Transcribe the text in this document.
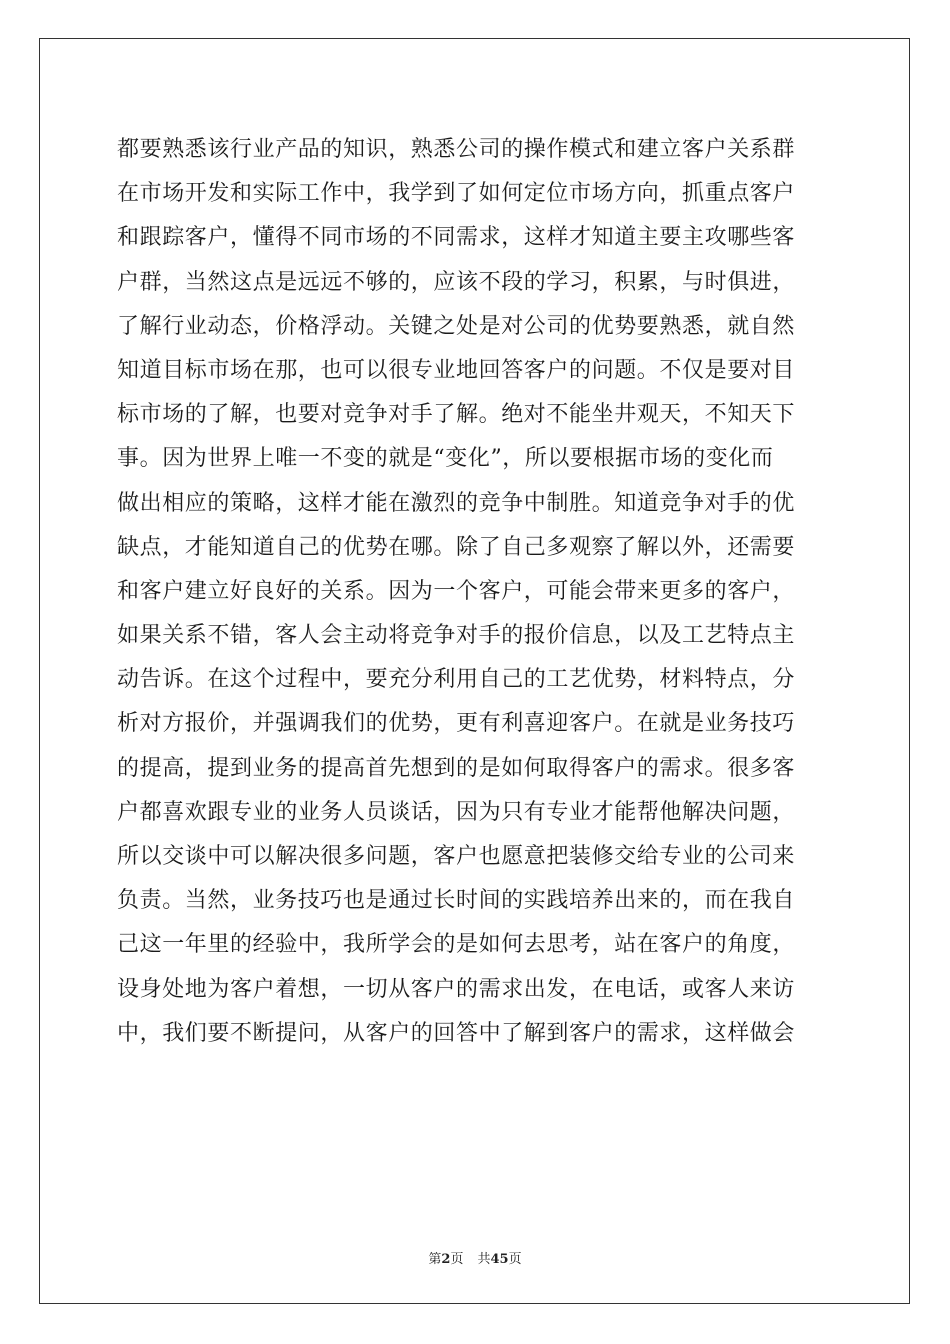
都要熟悉该行业产品的知识，熟悉公司的操作模式和建立客户关系群
在市场开发和实际工作中，我学到了如何定位市场方向，抓重点客户
和跟踪客户，懂得不同市场的不同需求，这样才知道主要主攻哪些客
户群，当然这点是远远不够的，应该不段的学习，积累，与时俱进，
了解行业动态，价格浮动。关键之处是对公司的优势要熟悉，就自然
知道目标市场在那，也可以很专业地回答客户的问题。不仅是要对目
标市场的了解，也要对竞争对手了解。绝对不能坐井观天，不知天下
事。因为世界上唯一不变的就是“变化”，所以要根据市场的变化而
做出相应的策略，这样才能在激烈的竞争中制胜。知道竞争对手的优
缺点，才能知道自己的优势在哪。除了自己多观察了解以外，还需要
和客户建立好良好的关系。因为一个客户，可能会带来更多的客户，
如果关系不错，客人会主动将竞争对手的报价信息，以及工艺特点主
动告诉。在这个过程中，要充分利用自己的工艺优势，材料特点，分
析对方报价，并强调我们的优势，更有利喜迎客户。在就是业务技巧
的提高，提到业务的提高首先想到的是如何取得客户的需求。很多客
户都喜欢跟专业的业务人员谈话，因为只有专业才能帮他解决问题，
所以交谈中可以解决很多问题，客户也愿意把装修交给专业的公司来
负责。当然，业务技巧也是通过长时间的实践培养出来的，而在我自
己这一年里的经验中，我所学会的是如何去思考，站在客户的角度，
设身处地为客户着想，一切从客户的需求出发，在电话，或客人来访
中，我们要不断提问，从客户的回答中了解到客户的需求，这样做会
第2页 共45页
